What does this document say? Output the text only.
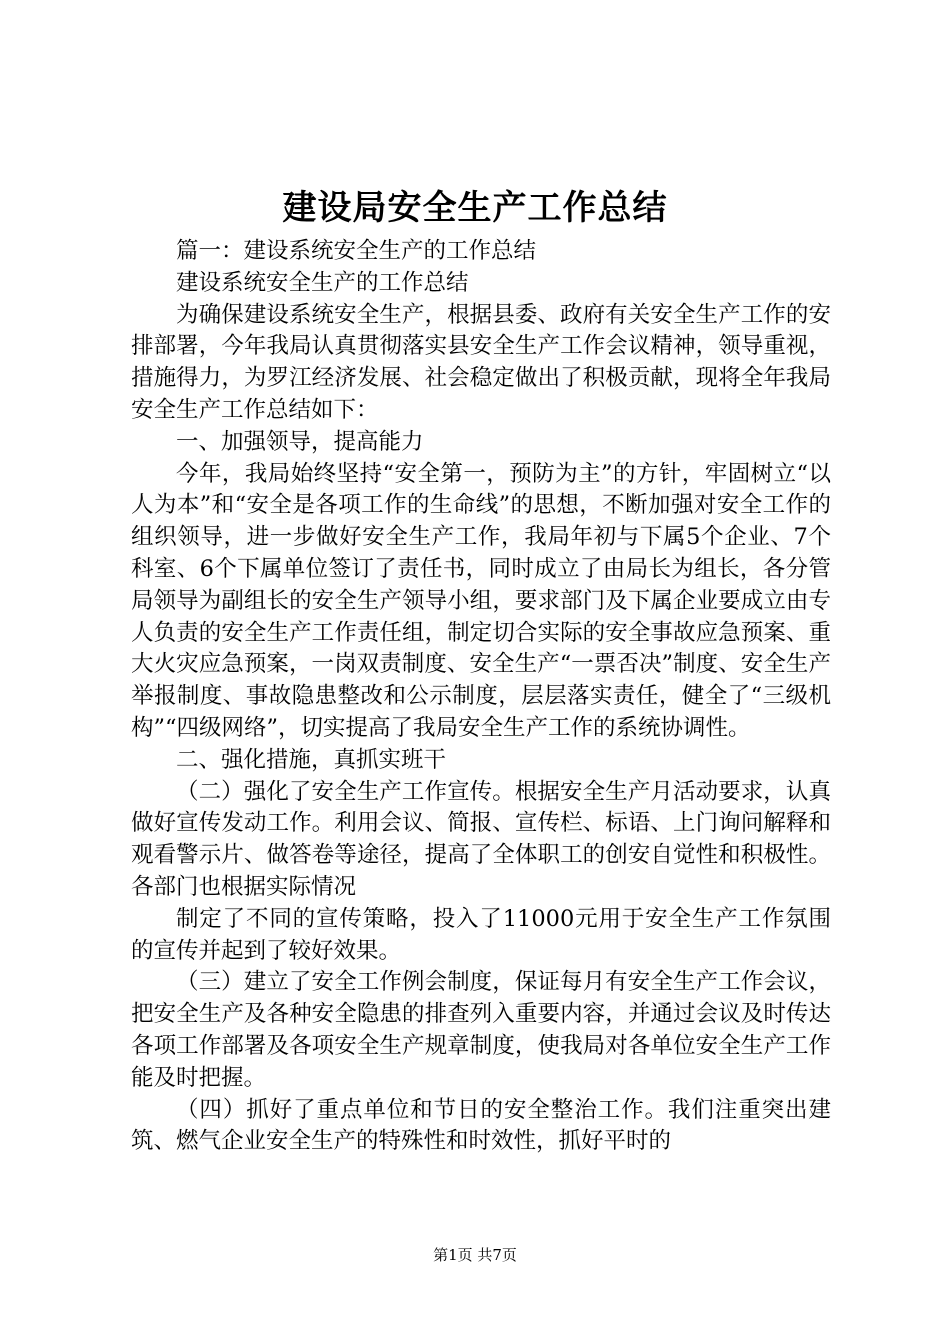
建设局安全生产工作总结

篇一：建设系统安全生产的工作总结

建设系统安全生产的工作总结

为确保建设系统安全生产，根据县委、政府有关安全生产工作的安排部署，今年我局认真贯彻落实县安全生产工作会议精神，领导重视，措施得力，为罗江经济发展、社会稳定做出了积极贡献，现将全年我局安全生产工作总结如下：

一、加强领导，提高能力

今年，我局始终坚持“安全第一，预防为主”的方针，牢固树立“以人为本”和“安全是各项工作的生命线”的思想，不断加强对安全工作的组织领导，进一步做好安全生产工作，我局年初与下属5个企业、7个科室、6个下属单位签订了责任书，同时成立了由局长为组长，各分管局领导为副组长的安全生产领导小组，要求部门及下属企业要成立由专人负责的安全生产工作责任组，制定切合实际的安全事故应急预案、重大火灾应急预案，一岗双责制度、安全生产“一票否决”制度、安全生产举报制度、事故隐患整改和公示制度，层层落实责任，健全了“三级机构”“四级网络”，切实提高了我局安全生产工作的系统协调性。

二、强化措施，真抓实班干

（二）强化了安全生产工作宣传。根据安全生产月活动要求，认真做好宣传发动工作。利用会议、简报、宣传栏、标语、上门询问解释和观看警示片、做答卷等途径，提高了全体职工的创安自觉性和积极性。各部门也根据实际情况

制定了不同的宣传策略，投入了11000元用于安全生产工作氛围的宣传并起到了较好效果。

（三）建立了安全工作例会制度，保证每月有安全生产工作会议，把安全生产及各种安全隐患的排查列入重要内容，并通过会议及时传达各项工作部署及各项安全生产规章制度，使我局对各单位安全生产工作能及时把握。

（四）抓好了重点单位和节日的安全整治工作。我们注重突出建筑、燃气企业安全生产的特殊性和时效性，抓好平时的

第1页 共7页
